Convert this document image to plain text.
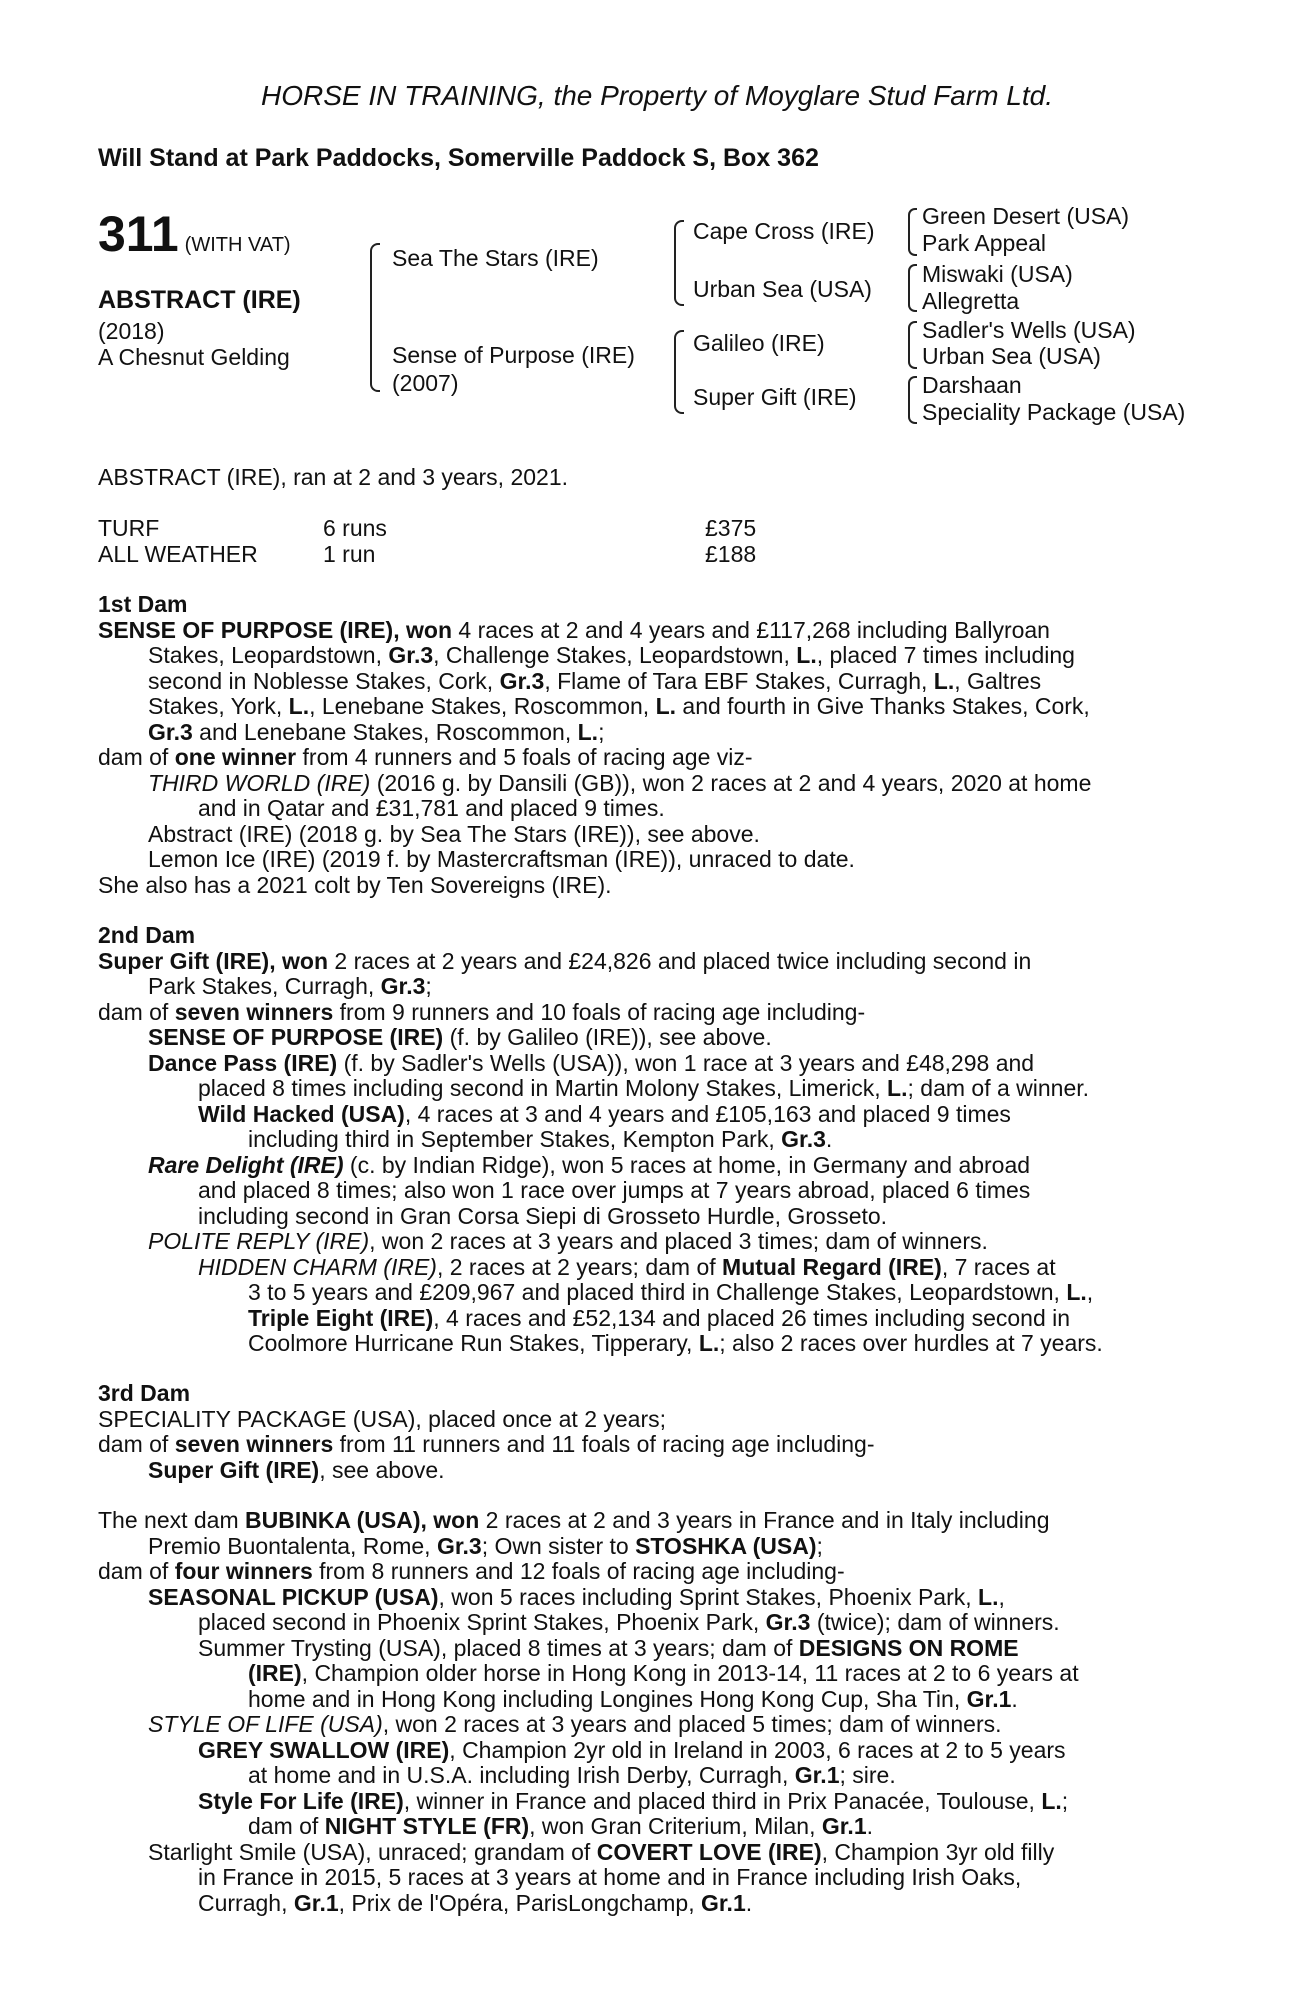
HORSE IN TRAINING, the Property of Moyglare Stud Farm Ltd.
Will Stand at Park Paddocks, Somerville Paddock S, Box 362
311 (WITH VAT)
ABSTRACT (IRE)
(2018)
A Chesnut Gelding
Sea The Stars (IRE)
Sense of Purpose (IRE)
(2007)
Cape Cross (IRE)
Urban Sea (USA)
Galileo (IRE)
Super Gift (IRE)
Green Desert (USA)
Park Appeal
Miswaki (USA)
Allegretta
Sadler's Wells (USA)
Urban Sea (USA)
Darshaan
Speciality Package (USA)
ABSTRACT (IRE), ran at 2 and 3 years, 2021.
TURF	6 runs	£375
ALL WEATHER	1 run	£188
1st Dam
SENSE OF PURPOSE (IRE), won 4 races at 2 and 4 years and £117,268 including Ballyroan
Stakes, Leopardstown, Gr.3, Challenge Stakes, Leopardstown, L., placed 7 times including
second in Noblesse Stakes, Cork, Gr.3, Flame of Tara EBF Stakes, Curragh, L., Galtres
Stakes, York, L., Lenebane Stakes, Roscommon, L. and fourth in Give Thanks Stakes, Cork,
Gr.3 and Lenebane Stakes, Roscommon, L.;
dam of one winner from 4 runners and 5 foals of racing age viz-
THIRD WORLD (IRE) (2016 g. by Dansili (GB)), won 2 races at 2 and 4 years, 2020 at home
and in Qatar and £31,781 and placed 9 times.
Abstract (IRE) (2018 g. by Sea The Stars (IRE)), see above.
Lemon Ice (IRE) (2019 f. by Mastercraftsman (IRE)), unraced to date.
She also has a 2021 colt by Ten Sovereigns (IRE).
2nd Dam
Super Gift (IRE), won 2 races at 2 years and £24,826 and placed twice including second in
Park Stakes, Curragh, Gr.3;
dam of seven winners from 9 runners and 10 foals of racing age including-
SENSE OF PURPOSE (IRE) (f. by Galileo (IRE)), see above.
Dance Pass (IRE) (f. by Sadler's Wells (USA)), won 1 race at 3 years and £48,298 and
placed 8 times including second in Martin Molony Stakes, Limerick, L.; dam of a winner.
Wild Hacked (USA), 4 races at 3 and 4 years and £105,163 and placed 9 times
including third in September Stakes, Kempton Park, Gr.3.
Rare Delight (IRE) (c. by Indian Ridge), won 5 races at home, in Germany and abroad
and placed 8 times; also won 1 race over jumps at 7 years abroad, placed 6 times
including second in Gran Corsa Siepi di Grosseto Hurdle, Grosseto.
POLITE REPLY (IRE), won 2 races at 3 years and placed 3 times; dam of winners.
HIDDEN CHARM (IRE), 2 races at 2 years; dam of Mutual Regard (IRE), 7 races at
3 to 5 years and £209,967 and placed third in Challenge Stakes, Leopardstown, L.,
Triple Eight (IRE), 4 races and £52,134 and placed 26 times including second in
Coolmore Hurricane Run Stakes, Tipperary, L.; also 2 races over hurdles at 7 years.
3rd Dam
SPECIALITY PACKAGE (USA), placed once at 2 years;
dam of seven winners from 11 runners and 11 foals of racing age including-
Super Gift (IRE), see above.
The next dam BUBINKA (USA), won 2 races at 2 and 3 years in France and in Italy including
Premio Buontalenta, Rome, Gr.3; Own sister to STOSHKA (USA);
dam of four winners from 8 runners and 12 foals of racing age including-
SEASONAL PICKUP (USA), won 5 races including Sprint Stakes, Phoenix Park, L.,
placed second in Phoenix Sprint Stakes, Phoenix Park, Gr.3 (twice); dam of winners.
Summer Trysting (USA), placed 8 times at 3 years; dam of DESIGNS ON ROME
(IRE), Champion older horse in Hong Kong in 2013-14, 11 races at 2 to 6 years at
home and in Hong Kong including Longines Hong Kong Cup, Sha Tin, Gr.1.
STYLE OF LIFE (USA), won 2 races at 3 years and placed 5 times; dam of winners.
GREY SWALLOW (IRE), Champion 2yr old in Ireland in 2003, 6 races at 2 to 5 years
at home and in U.S.A. including Irish Derby, Curragh, Gr.1; sire.
Style For Life (IRE), winner in France and placed third in Prix Panacée, Toulouse, L.;
dam of NIGHT STYLE (FR), won Gran Criterium, Milan, Gr.1.
Starlight Smile (USA), unraced; grandam of COVERT LOVE (IRE), Champion 3yr old filly
in France in 2015, 5 races at 3 years at home and in France including Irish Oaks,
Curragh, Gr.1, Prix de l'Opéra, ParisLongchamp, Gr.1.
